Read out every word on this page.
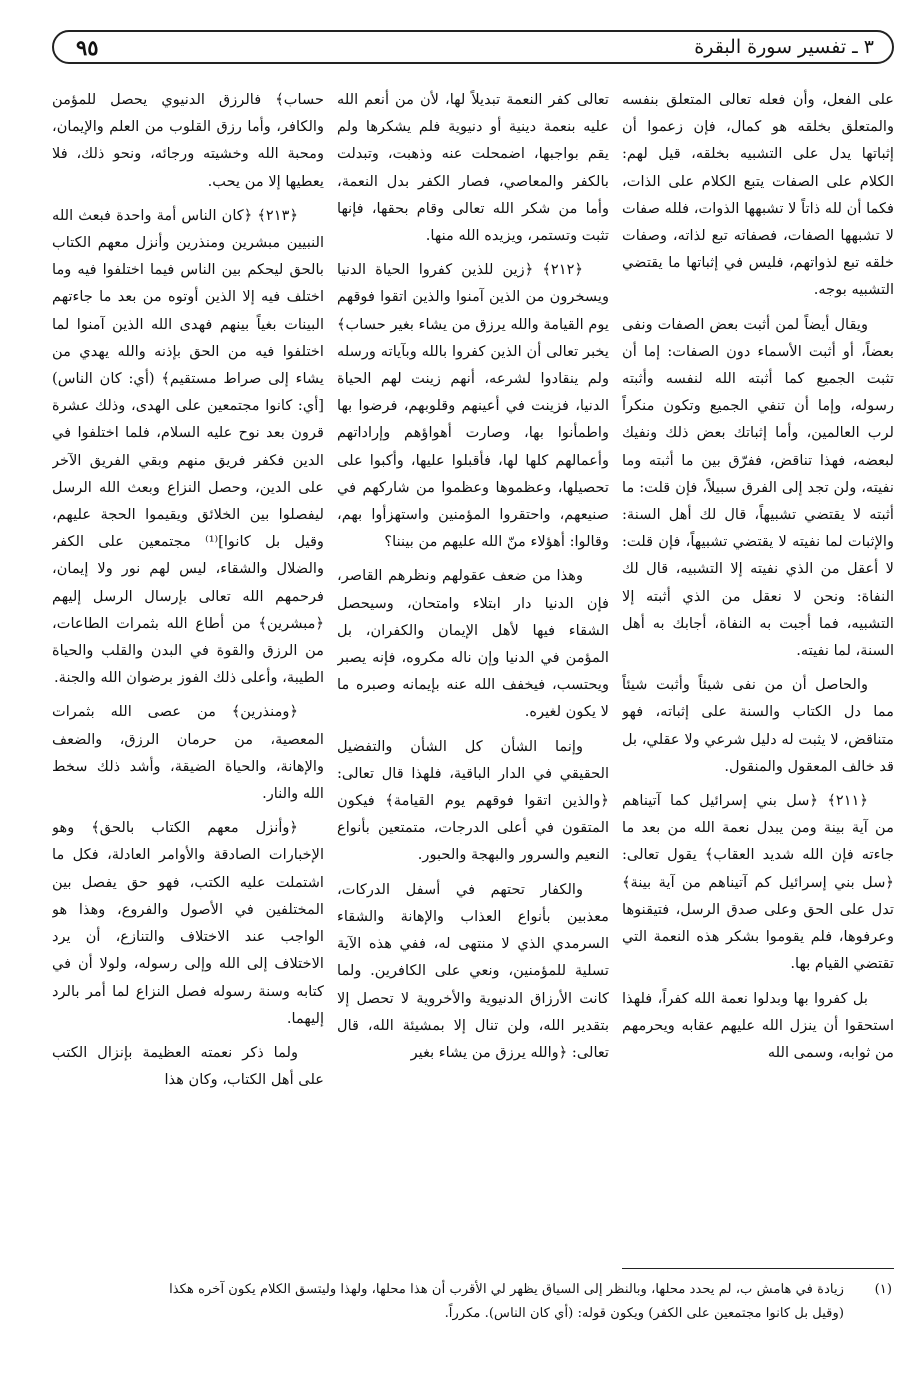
٣ ـ تفسير سورة البقرة
٩٥

على الفعل، وأن فعله تعالى المتعلق بنفسه والمتعلق بخلقه هو كمال، فإن زعموا أن إثباتها يدل على التشبيه بخلقه، قيل لهم: الكلام على الصفات يتبع الكلام على الذات، فكما أن لله ذاتاً لا تشبهها الذوات، فلله صفات لا تشبهها الصفات، فصفاته تبع لذاته، وصفات خلقه تبع لذواتهم، فليس في إثباتها ما يقتضي التشبيه بوجه.

ويقال أيضاً لمن أثبت بعض الصفات ونفى بعضاً، أو أثبت الأسماء دون الصفات: إما أن تثبت الجميع كما أثبته الله لنفسه وأثبته رسوله، وإما أن تنفي الجميع وتكون منكراً لرب العالمين، وأما إثباتك بعض ذلك ونفيك لبعضه، فهذا تناقض، ففرّق بين ما أثبته وما نفيته، ولن تجد إلى الفرق سبيلاً، فإن قلت: ما أثبته لا يقتضي تشبيهاً، قال لك أهل السنة: والإثبات لما نفيته لا يقتضي تشبيهاً، فإن قلت: لا أعقل من الذي نفيته إلا التشبيه، قال لك النفاة: ونحن لا نعقل من الذي أثبته إلا التشبيه، فما أجبت به النفاة، أجابك به أهل السنة، لما نفيته.

والحاصل أن من نفى شيئاً وأثبت شيئاً مما دل الكتاب والسنة على إثباته، فهو متناقض، لا يثبت له دليل شرعي ولا عقلي، بل قد خالف المعقول والمنقول.

﴿٢١١﴾ ﴿سل بني إسرائيل كما آتيناهم من آية بينة ومن يبدل نعمة الله من بعد ما جاءته فإن الله شديد العقاب﴾ يقول تعالى: ﴿سل بني إسرائيل كم آتيناهم من آية بينة﴾ تدل على الحق وعلى صدق الرسل، فتيقنوها وعرفوها، فلم يقوموا بشكر هذه النعمة التي تقتضي القيام بها.

بل كفروا بها وبدلوا نعمة الله كفراً، فلهذا استحقوا أن ينزل الله عليهم عقابه ويحرمهم من ثوابه، وسمى الله

تعالى كفر النعمة تبديلاً لها، لأن من أنعم الله عليه بنعمة دينية أو دنيوية فلم يشكرها ولم يقم بواجبها، اضمحلت عنه وذهبت، وتبدلت بالكفر والمعاصي، فصار الكفر بدل النعمة، وأما من شكر الله تعالى وقام بحقها، فإنها تثبت وتستمر، ويزيده الله منها.

﴿٢١٢﴾ ﴿زين للذين كفروا الحياة الدنيا ويسخرون من الذين آمنوا والذين اتقوا فوقهم يوم القيامة والله يرزق من يشاء بغير حساب﴾ يخبر تعالى أن الذين كفروا بالله وبآياته ورسله ولم ينقادوا لشرعه، أنهم زينت لهم الحياة الدنيا، فزينت في أعينهم وقلوبهم، فرضوا بها واطمأنوا بها، وصارت أهواؤهم وإراداتهم وأعمالهم كلها لها، فأقبلوا عليها، وأكبوا على تحصيلها، وعظموها وعظموا من شاركهم في صنيعهم، واحتقروا المؤمنين واستهزأوا بهم، وقالوا: أهؤلاء منّ الله عليهم من بيننا؟

وهذا من ضعف عقولهم ونظرهم القاصر، فإن الدنيا دار ابتلاء وامتحان، وسيحصل الشقاء فيها لأهل الإيمان والكفران، بل المؤمن في الدنيا وإن ناله مكروه، فإنه يصبر ويحتسب، فيخفف الله عنه بإيمانه وصبره ما لا يكون لغيره.

وإنما الشأن كل الشأن والتفضيل الحقيقي في الدار الباقية، فلهذا قال تعالى: ﴿والذين اتقوا فوقهم يوم القيامة﴾ فيكون المتقون في أعلى الدرجات، متمتعين بأنواع النعيم والسرور والبهجة والحبور.

والكفار تحتهم في أسفل الدركات، معذبين بأنواع العذاب والإهانة والشقاء السرمدي الذي لا منتهى له، ففي هذه الآية تسلية للمؤمنين، ونعي على الكافرين. ولما كانت الأرزاق الدنيوية والأخروية لا تحصل إلا بتقدير الله، ولن تنال إلا بمشيئة الله، قال تعالى: ﴿والله يرزق من يشاء بغير

حساب﴾ فالرزق الدنيوي يحصل للمؤمن والكافر، وأما رزق القلوب من العلم والإيمان، ومحبة الله وخشيته ورجائه، ونحو ذلك، فلا يعطيها إلا من يحب.

﴿٢١٣﴾ ﴿كان الناس أمة واحدة فبعث الله النبيين مبشرين ومنذرين وأنزل معهم الكتاب بالحق ليحكم بين الناس فيما اختلفوا فيه وما اختلف فيه إلا الذين أوتوه من بعد ما جاءتهم البينات بغياً بينهم فهدى الله الذين آمنوا لما اختلفوا فيه من الحق بإذنه والله يهدي من يشاء إلى صراط مستقيم﴾ (أي: كان الناس) [أي: كانوا مجتمعين على الهدى، وذلك عشرة قرون بعد نوح عليه السلام، فلما اختلفوا في الدين فكفر فريق منهم وبقي الفريق الآخر على الدين، وحصل النزاع وبعث الله الرسل ليفصلوا بين الخلائق ويقيموا الحجة عليهم، وقيل بل كانوا]⁽¹⁾ مجتمعين على الكفر والضلال والشقاء، ليس لهم نور ولا إيمان، فرحمهم الله تعالى بإرسال الرسل إليهم ﴿مبشرين﴾ من أطاع الله بثمرات الطاعات، من الرزق والقوة في البدن والقلب والحياة الطيبة، وأعلى ذلك الفوز برضوان الله والجنة.

﴿ومنذرين﴾ من عصى الله بثمرات المعصية، من حرمان الرزق، والضعف والإهانة، والحياة الضيقة، وأشد ذلك سخط الله والنار.

﴿وأنزل معهم الكتاب بالحق﴾ وهو الإخبارات الصادقة والأوامر العادلة، فكل ما اشتملت عليه الكتب، فهو حق يفصل بين المختلفين في الأصول والفروع، وهذا هو الواجب عند الاختلاف والتنازع، أن يرد الاختلاف إلى الله وإلى رسوله، ولولا أن في كتابه وسنة رسوله فصل النزاع لما أمر بالرد إليهما.

ولما ذكر نعمته العظيمة بإنزال الكتب على أهل الكتاب، وكان هذا

(١)
زيادة في هامش ب، لم يحدد محلها، وبالنظر إلى السياق يظهر لي الأقرب أن هذا محلها، ولهذا وليتسق الكلام يكون آخره هكذا
(وقيل بل كانوا مجتمعين على الكفر) ويكون قوله: (أي كان الناس). مكرراً.
